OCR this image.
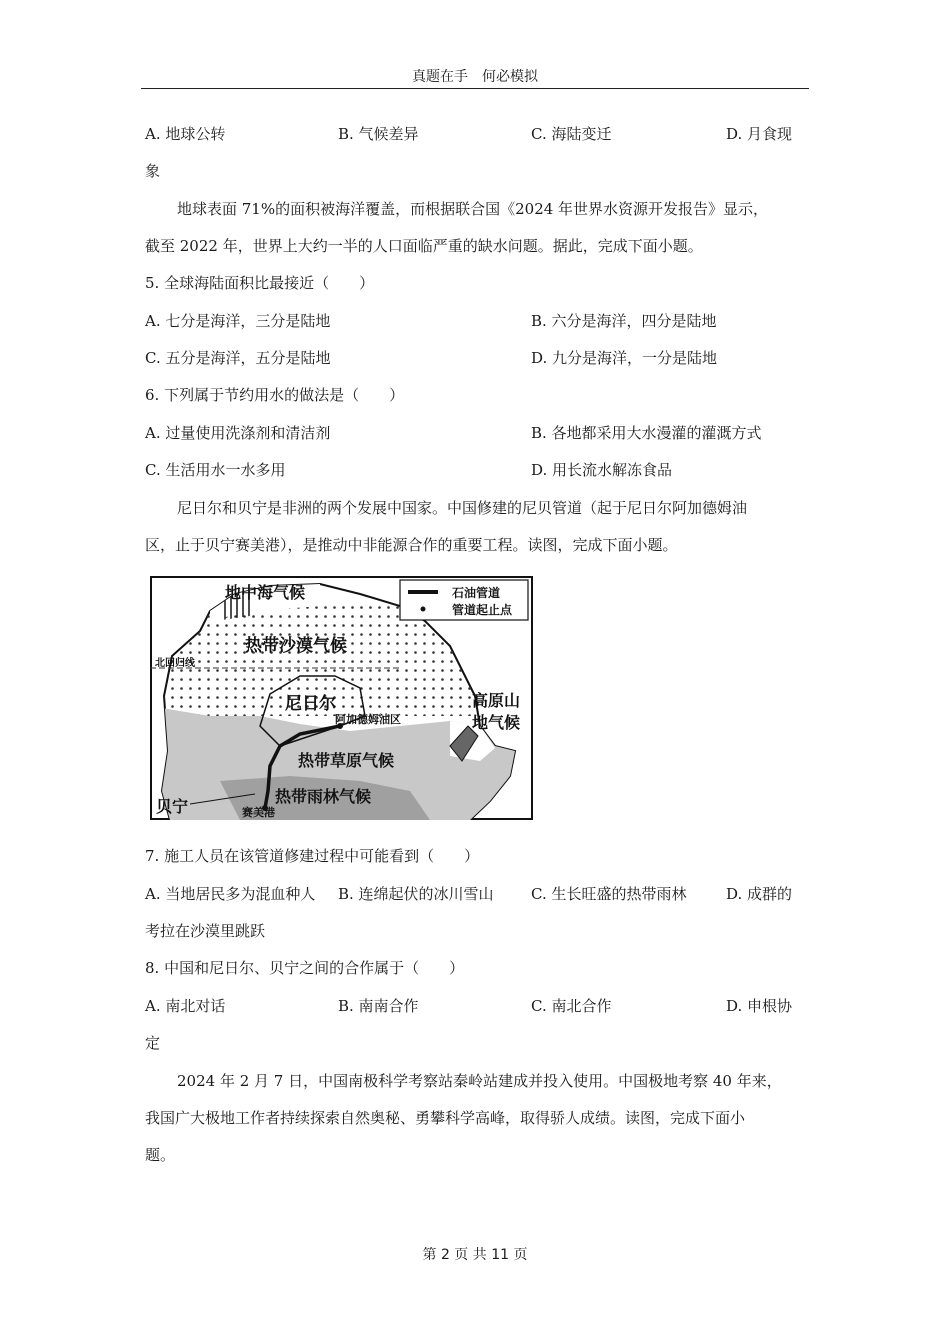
真题在手　何必模拟
A. 地球公转	B. 气候差异	C. 海陆变迁	D. 月食现
象
地球表面 71%的面积被海洋覆盖，而根据联合国《2024 年世界水资源开发报告》显示，
截至 2022 年，世界上大约一半的人口面临严重的缺水问题。据此，完成下面小题。
5. 全球海陆面积比最接近（　　）
A. 七分是海洋，三分是陆地	B. 六分是海洋，四分是陆地
C. 五分是海洋，五分是陆地	D. 九分是海洋，一分是陆地
6. 下列属于节约用水的做法是（　　）
A. 过量使用洗涤剂和清洁剂	B. 各地都采用大水漫灌的灌溉方式
C. 生活用水一水多用	D. 用长流水解冻食品
尼日尔和贝宁是非洲的两个发展中国家。中国修建的尼贝管道（起于尼日尔阿加德姆油
区，止于贝宁赛美港），是推动中非能源合作的重要工程。读图，完成下面小题。
石油管道
管道起止点
地中海气候
热带沙漠气候
北回归线
尼日尔
阿加德姆油区
高原山
地气候
热带草原气候
热带雨林气候
贝宁	赛美港
7. 施工人员在该管道修建过程中可能看到（　　）
A. 当地居民多为混血种人 B. 连绵起伏的冰川雪山 C. 生长旺盛的热带雨林	D. 成群的
考拉在沙漠里跳跃
8. 中国和尼日尔、贝宁之间的合作属于（　　）
A. 南北对话	B. 南南合作	C. 南北合作	D. 申根协
定
2024 年 2 月 7 日，中国南极科学考察站秦岭站建成并投入使用。中国极地考察 40 年来，
我国广大极地工作者持续探索自然奥秘、勇攀科学高峰，取得骄人成绩。读图，完成下面小
题。
第 2 页 共 11 页
